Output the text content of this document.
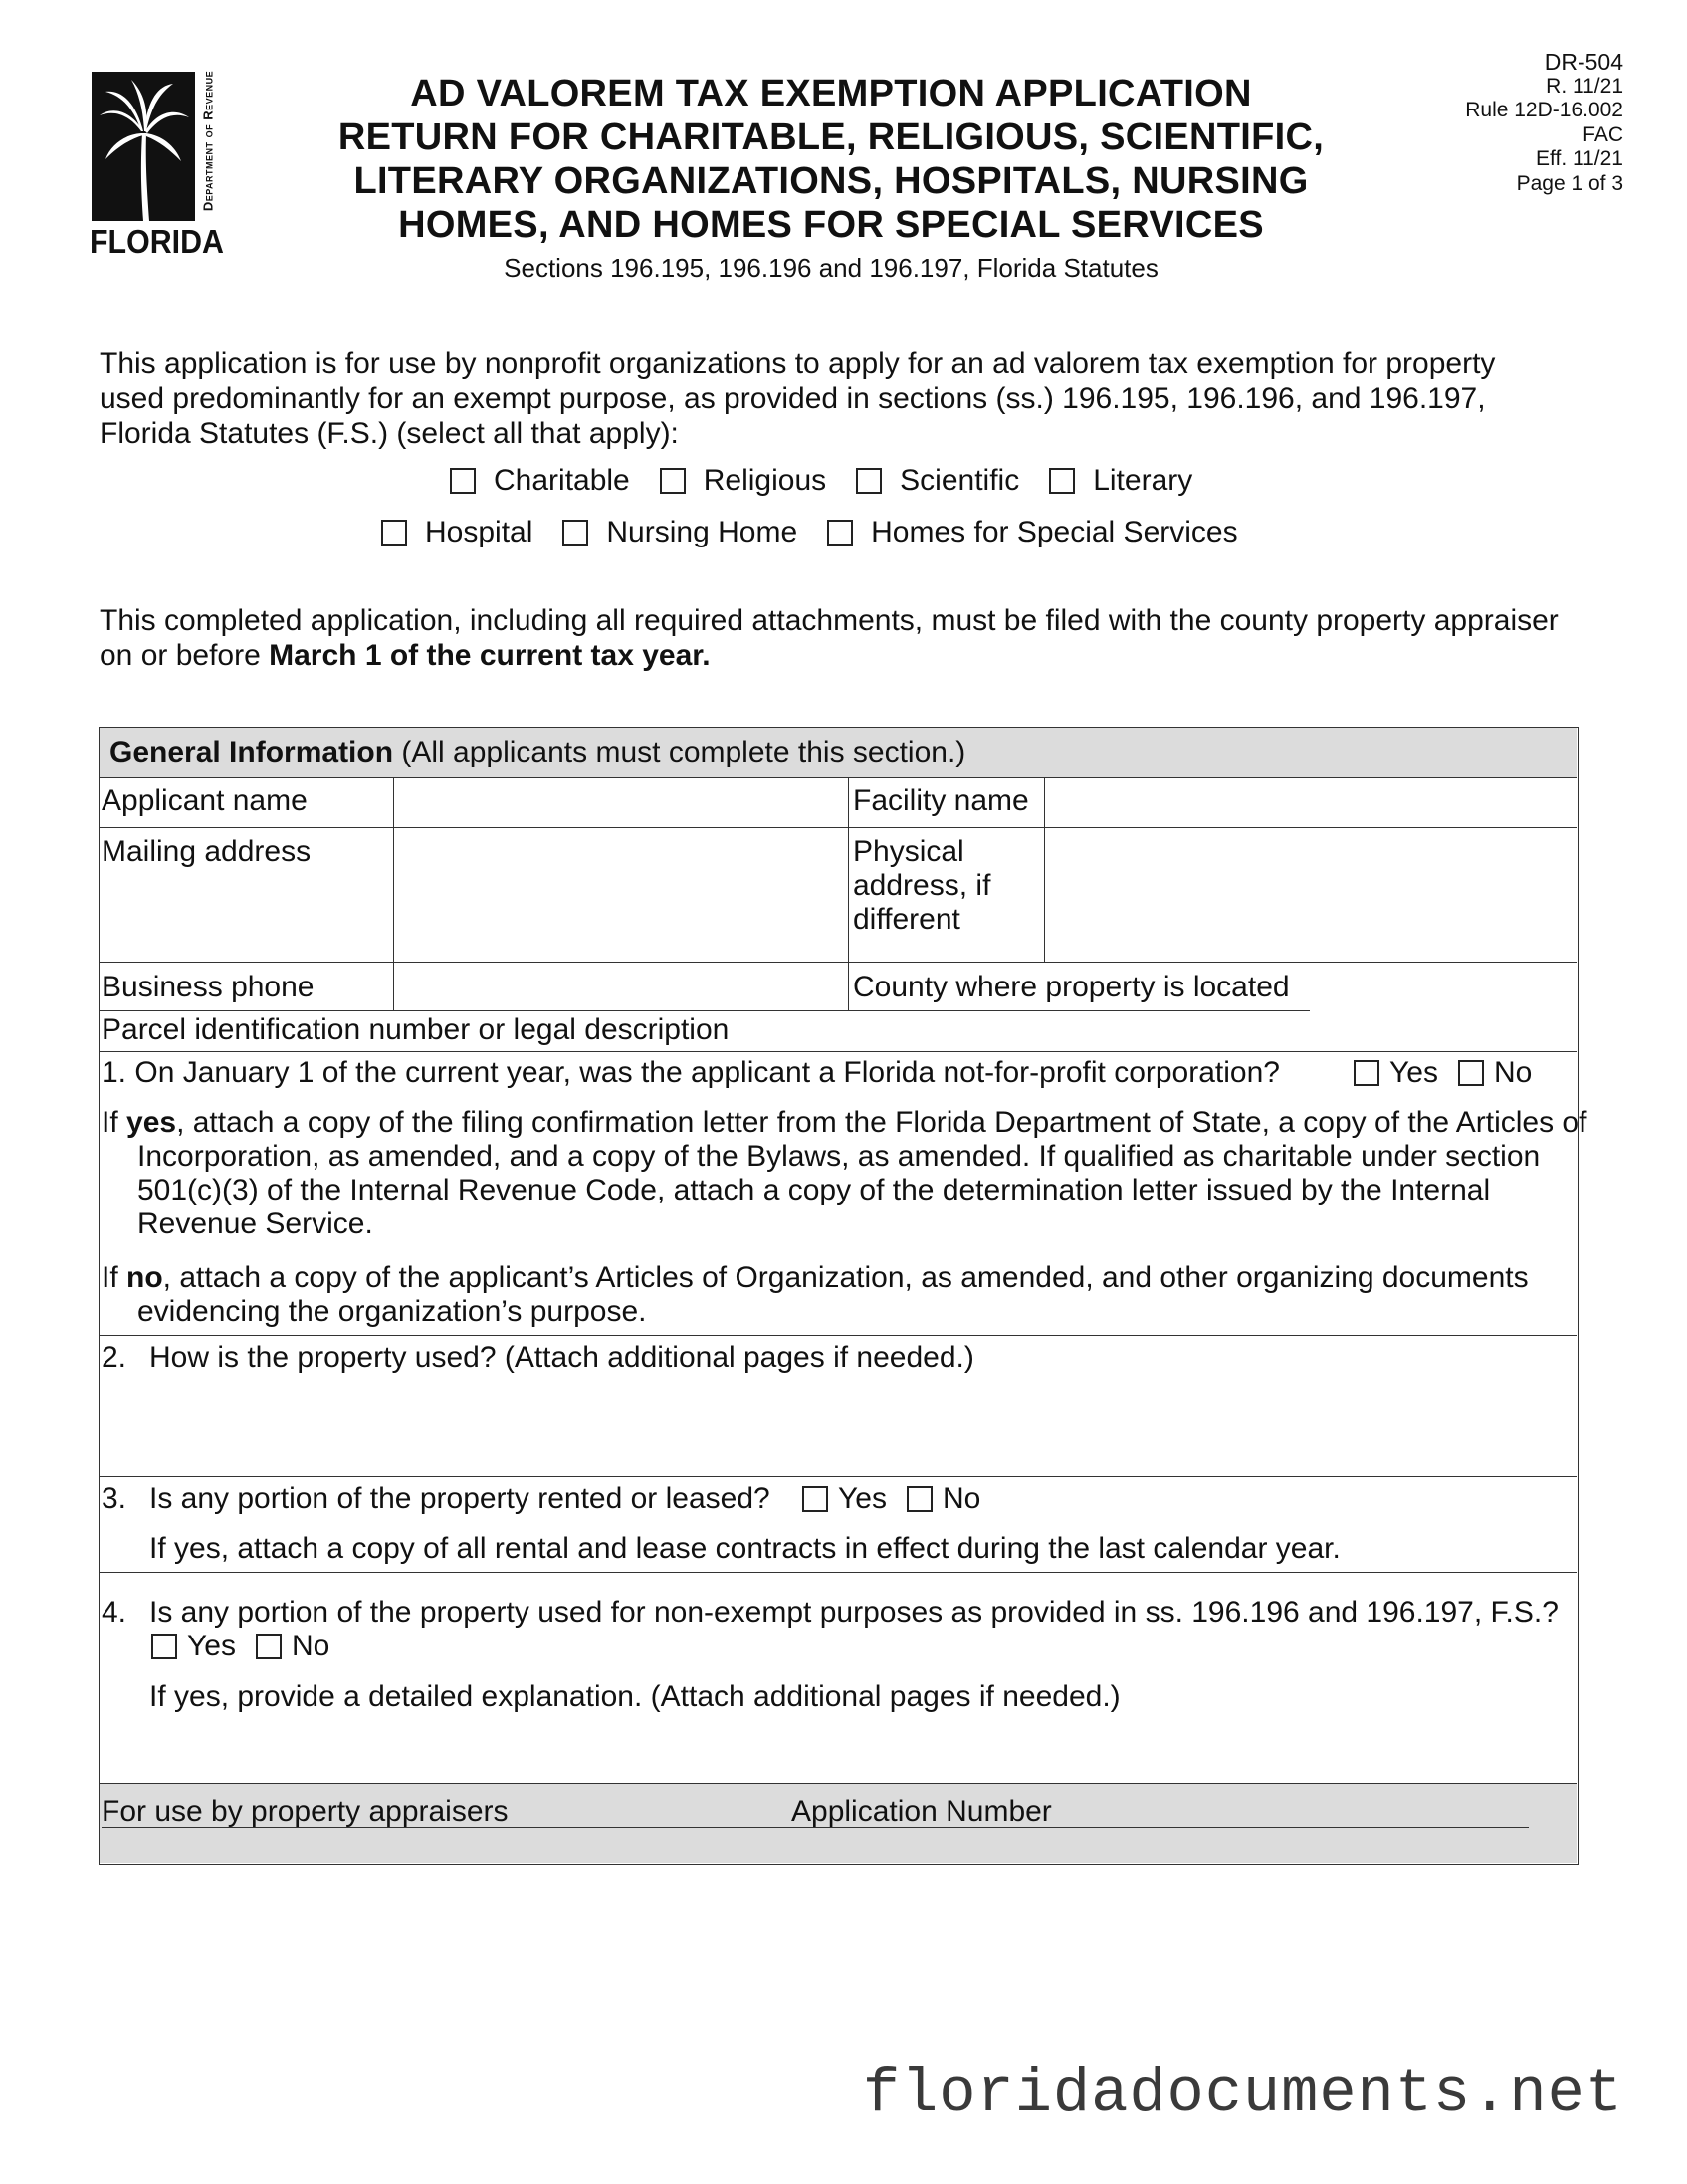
Department of Revenue
FLORIDA
AD VALOREM TAX EXEMPTION APPLICATION
RETURN FOR CHARITABLE, RELIGIOUS, SCIENTIFIC,
LITERARY ORGANIZATIONS, HOSPITALS, NURSING
HOMES, AND HOMES FOR SPECIAL SERVICES
Sections 196.195, 196.196 and 196.197, Florida Statutes
DR-504
R. 11/21
Rule 12D-16.002
FAC
Eff. 11/21
Page 1 of 3
This application is for use by nonprofit organizations to apply for an ad valorem tax exemption for property
used predominantly for an exempt purpose, as provided in sections (ss.) 196.195, 196.196, and 196.197,
Florida Statutes (F.S.) (select all that apply):
Charitable Religious Scientific Literary
Hospital Nursing Home Homes for Special Services
This completed application, including all required attachments, must be filed with the county property appraiser
on or before March 1 of the current tax year.
General Information (All applicants must complete this section.)
Applicant name	Facility name
Mailing address	Physical
address, if
different
Business phone	County where property is located
Parcel identification number or legal description
1. On January 1 of the current year, was the applicant a Florida not-for-profit corporation?	Yes No
If yes, attach a copy of the filing confirmation letter from the Florida Department of State, a copy of the Articles of Incorporation, as amended, and a copy of the Bylaws, as amended. If qualified as charitable under section 501(c)(3) of the Internal Revenue Code, attach a copy of the determination letter issued by the Internal Revenue Service.
If no, attach a copy of the applicant’s Articles of Organization, as amended, and other organizing documents evidencing the organization’s purpose.
2. How is the property used? (Attach additional pages if needed.)
3. Is any portion of the property rented or leased?	Yes No
If yes, attach a copy of all rental and lease contracts in effect during the last calendar year.
4. Is any portion of the property used for non-exempt purposes as provided in ss. 196.196 and 196.197, F.S.?
Yes No
If yes, provide a detailed explanation. (Attach additional pages if needed.)
For use by property appraisers	Application Number
floridadocuments.net
